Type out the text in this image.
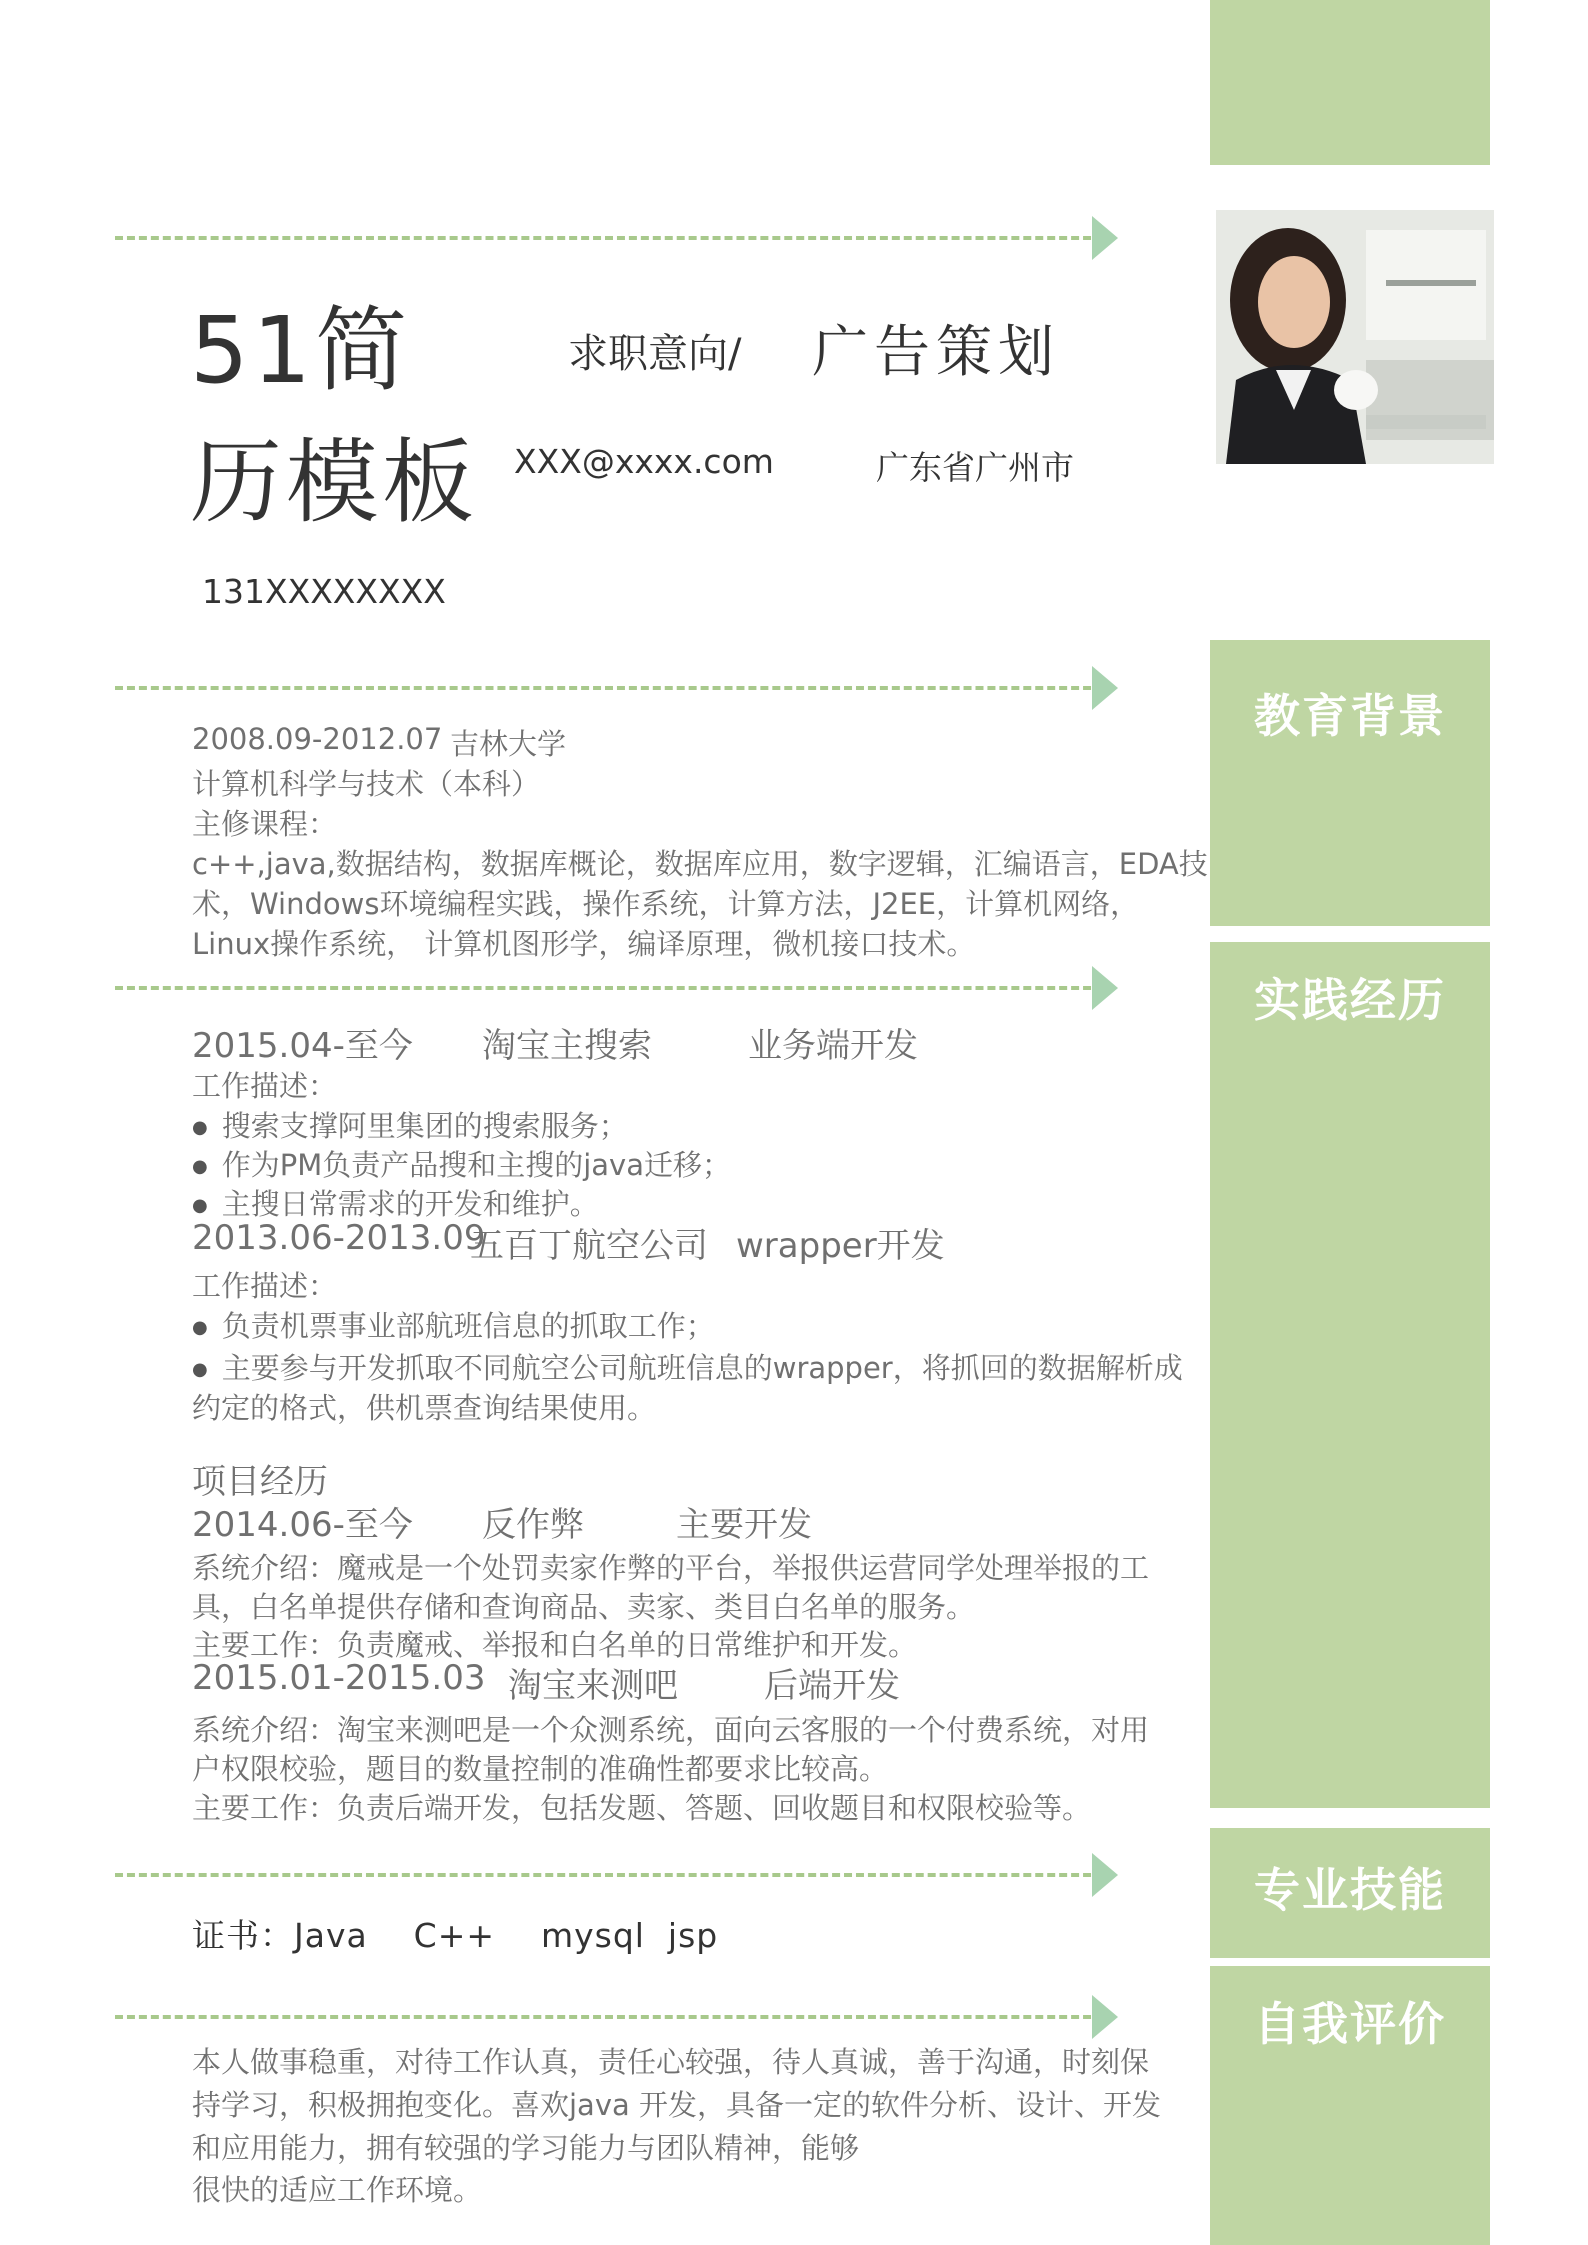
教育背景
实践经历
专业技能
自我评价
51简
历模板
求职意向/ 广告策划
XXX@xxxx.com	广东省广州市
131XXXXXXXX
2008.09-2012.07 吉林大学
计算机科学与技术（本科）
主修课程：
c++,java,数据结构，数据库概论，数据库应用，数字逻辑，汇编语言，EDA技
术，Windows环境编程实践，操作系统，计算方法，J2EE，计算机网络，
Linux操作系统， 计算机图形学，编译原理，微机接口技术。
2015.04-至今 淘宝主搜索	业务端开发
工作描述：
● 搜索支撑阿里集团的搜索服务；
● 作为PM负责产品搜和主搜的java迁移；
● 主搜日常需求的开发和维护。
2013.06-2013.09
五百丁航空公司 wrapper开发
工作描述：
● 负责机票事业部航班信息的抓取工作；
● 主要参与开发抓取不同航空公司航班信息的wrapper，将抓回的数据解析成
约定的格式，供机票查询结果使用。
项目经历
2014.06-至今 反作弊	主要开发
系统介绍：魔戒是一个处罚卖家作弊的平台，举报供运营同学处理举报的工
具，白名单提供存储和查询商品、卖家、类目白名单的服务。
主要工作：负责魔戒、举报和白名单的日常维护和开发。
2015.01-2015.03 淘宝来测吧	后端开发
系统介绍：淘宝来测吧是一个众测系统，面向云客服的一个付费系统，对用
户权限校验，题目的数量控制的准确性都要求比较高。
主要工作：负责后端开发，包括发题、答题、回收题目和权限校验等。
证书：Java    C++    mysql  jsp
本人做事稳重，对待工作认真，责任心较强，待人真诚，善于沟通，时刻保
持学习，积极拥抱变化。喜欢java 开发，具备一定的软件分析、设计、开发
和应用能力，拥有较强的学习能力与团队精神，能够
很快的适应工作环境。
